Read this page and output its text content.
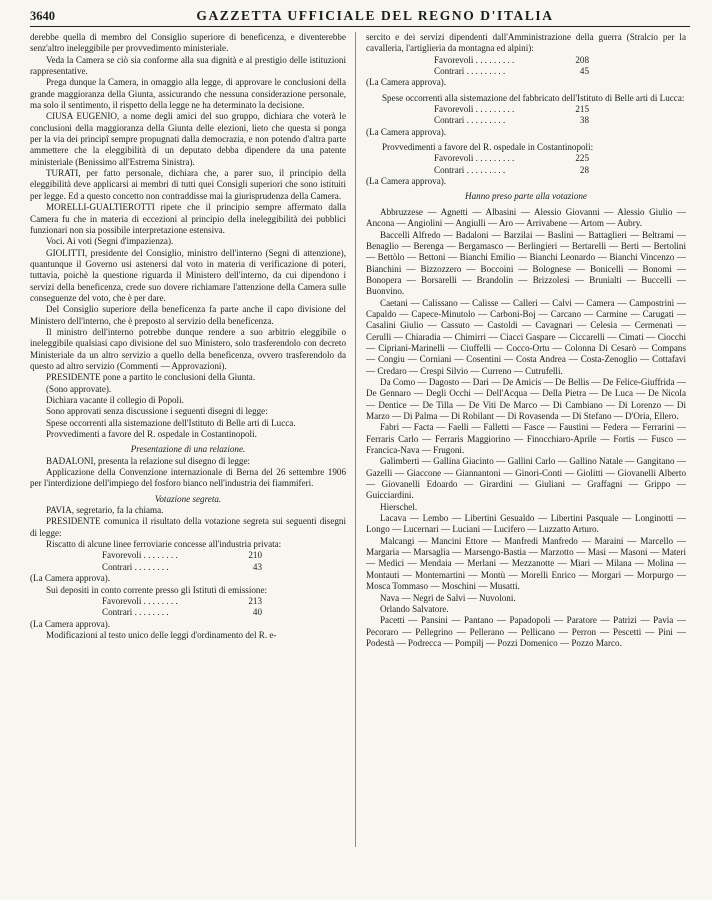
3640	GAZZETTA UFFICIALE DEL REGNO D'ITALIA

derebbe quella di membro del Consiglio superiore di beneficenza, e diventerebbe senz'altro ineleggibile per provvedimento ministeriale.

Veda la Camera se ciò sia conforme alla sua dignità e al prestigio delle istituzioni rappresentative.

Prega dunque la Camera, in omaggio alla legge, di approvare le conclusioni della grande maggioranza della Giunta, assicurando che nessuna considerazione personale, ma solo il sentimento, il rispetto della legge ne ha determinato la decisione.

CIUSA EUGENIO, a nome degli amici del suo gruppo, dichiara che voterà le conclusioni della maggioranza della Giunta delle elezioni, lieto che questa si ponga per la via dei principî sempre propugnati dalla democrazia, e non potendo d'altra parte ammettere che la eleggibilità di un deputato debba dipendere da una patente ministeriale (Benissimo all'Estrema Sinistra).

TURATI, per fatto personale, dichiara che, a parer suo, il principio della eleggibilità deve applicarsi ai membri di tutti quei Consigli superiori che sono istituiti per legge. Ed a questo concetto non contraddisse mai la giurisprudenza della Camera.

MORELLI-GUALTIEROTTI ripete che il principio sempre affermato dalla Camera fu che in materia di eccezioni al principio della ineleggibilità dei pubblici funzionari non sia possibile interpretazione estensiva.

Voci. Ai voti (Segni d'impazienza).

GIOLITTI, presidente del Consiglio, ministro dell'interno (Segni di attenzione), quantunque il Governo usi astenersi dal voto in materia di verificazione di poteri, tuttavia, poichè la questione riguarda il Ministero dell'interno, da cui dipendono i servizi della beneficenza, crede suo dovere richiamare l'attenzione della Camera sulle conseguenze del voto, che è per dare.

Del Consiglio superiore della beneficenza fa parte anche il capo divisione del Ministero dell'interno, che è preposto al servizio della beneficenza.

Il ministro dell'interno potrebbe dunque rendere a suo arbitrio eleggibile o ineleggibile qualsiasi capo divisione del suo Ministero, solo trasferendolo con decreto Ministeriale da un altro servizio a quello della beneficenza, ovvero trasferendolo da questo ad altro servizio (Commenti — Approvazioni).

PRESIDENTE pone a partito le conclusioni della Giunta.

(Sono approvate).

Dichiara vacante il collegio di Popoli.

Sono approvati senza discussione i seguenti disegni di legge:

Spese occorrenti alla sistemazione dell'Istituto di Belle arti di Lucca.

Provvedimenti a favore del R. ospedale in Costantinopoli.

Presentazione di una relazione.

BADALONI, presenta la relazione sul disegno di legge:

Applicazione della Convenzione internazionale di Berna del 26 settembre 1906 per l'interdizione dell'impiego del fosforo bianco nell'industria dei fiammiferi.

Votazione segreta.

PAVIA, segretario, fa la chiama.

PRESIDENTE comunica il risultato della votazione segreta sui seguenti disegni di legge:

Riscatto di alcune linee ferroviarie concesse all'industria privata:

Favorevoli . . . . . . . .	210
Contrari . . . . . . . .	43

(La Camera approva).

Sui depositi in conto corrente presso gli Istituti di emissione:

Favorevoli . . . . . . . .	213
Contrari . . . . . . . .	40

(La Camera approva).

Modificazioni al testo unico delle leggi d'ordinamento del R. e-

sercito e dei servizi dipendenti dall'Amministrazione della guerra (Stralcio per la cavalleria, l'artiglieria da montagna ed alpini):

Favorevoli . . . . . . . . .	208
Contrari . . . . . . . . .	45

(La Camera approva).

Spese occorrenti alla sistemazione del fabbricato dell'Istituto di Belle arti di Lucca:

Favorevoli . . . . . . . . .	215
Contrari . . . . . . . . .	38

(La Camera approva).

Provvedimenti a favore del R. ospedale in Costantinopoli:

Favorevoli . . . . . . . . .	225
Contrari . . . . . . . . .	28

(La Camera approva).

Hanno preso parte alla votazione

Abbruzzese — Agnetti — Albasini — Alessio Giovanni — Alessio Giulio — Ancona — Angiolini — Angiulli — Aro — Arrivabene — Artom — Aubry.

Baccelli Alfredo — Badaloni — Barzilai — Baslini — Battaglieri — Beltrami — Benaglio — Berenga — Bergamasco — Berlingieri — Bertarelli — Berti — Bertolini — Bettòlo — Bettoni — Bianchi Emilio — Bianchi Leonardo — Bianchi Vincenzo — Bianchini — Bizzozzero — Boccoini — Bolognese — Bonicelli — Bonomi — Bonopera — Borsarelli — Brandolin — Brizzolesi — Brunialti — Buccelli — Buonvino.

Caetani — Calissano — Calisse — Calleri — Calvi — Camera — Campostrini — Capaldo — Capece-Minutolo — Carboni-Boj — Carcano — Carmine — Carugati — Casalini Giulio — Cassuto — Castoldi — Cavagnari — Celesia — Cermenati — Cerulli — Chiaradia — Chimirri — Ciacci Gaspare — Ciccarelli — Cimati — Ciocchi — Cipriani-Marinelli — Ciuffelli — Cocco-Ortu — Colonna Di Cesarò — Compans — Congiu — Corniani — Cosentini — Costa Andrea — Costa-Zenoglio — Cottafavi — Credaro — Crespi Silvio — Curreno — Cutrufelli.

Da Como — Dagosto — Dari — De Amicis — De Bellis — De Felice-Giuffrida — De Gennaro — Degli Occhi — Dell'Acqua — Della Pietra — De Luca — De Nicola — Dentice — De Tilla — De Viti De Marco — Di Cambiano — Di Lorenzo — Di Marzo — Di Palma — Di Robilant — Di Rovasenda — Di Stefano — D'Oria, Ellero.

Fabri — Facta — Faelli — Falletti — Fasce — Faustini — Federa — Ferrarini — Ferraris Carlo — Ferraris Maggiorino — Finocchiaro-Aprile — Fortis — Fusco — Francica-Nava — Frugoni.

Galimberti — Gallina Giacinto — Gallini Carlo — Gallino Natale — Gangitano — Gazelli — Giaccone — Giannantoni — Ginori-Conti — Giolitti — Giovanelli Alberto — Giovanelli Edoardo — Girardini — Giuliani — Graffagni — Grippo — Guicciardini.

Hierschel.

Lacava — Lembo — Libertini Gesualdo — Libertini Pasquale — Longinotti — Longo — Lucernari — Luciani — Lucifero — Luzzatto Arturo.

Malcangi — Mancini Ettore — Manfredi Manfredo — Maraini — Marcello — Margaria — Marsaglia — Marsengo-Bastia — Marzotto — Masi — Masoni — Materi — Medici — Mendaia — Merlani — Mezzanotte — Miari — Milana — Molina — Montauti — Montemartini — Montù — Morelli Enrico — Morgari — Morpurgo — Mosca Tommaso — Moschini — Musatti.

Nava — Negri de Salvi — Nuvoloni.

Orlando Salvatore.

Pacetti — Pansini — Pantano — Papadopoli — Paratore — Patrizi — Pavia — Pecoraro — Pellegrino — Pellerano — Pellicano — Perron — Pescetti — Pini — Podestà — Podrecca — Pompilj — Pozzi Domenico — Pozzo Marco.
